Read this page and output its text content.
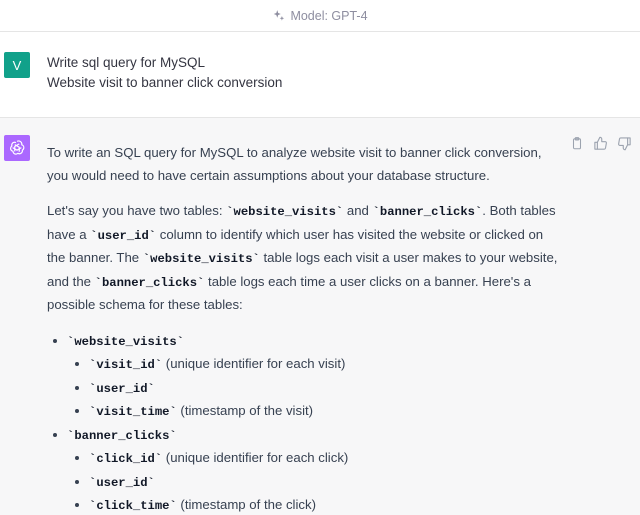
Model: GPT-4
V	Write sql query for MySQL
Website visit to banner click conversion

To write an SQL query for MySQL to analyze website visit to banner click conversion, you would need to have certain assumptions about your database structure.

Let's say you have two tables: `website_visits` and `banner_clicks`. Both tables have a `user_id` column to identify which user has visited the website or clicked on the banner. The `website_visits` table logs each visit a user makes to your website, and the `banner_clicks` table logs each time a user clicks on a banner. Here's a possible schema for these tables:

`website_visits`
`visit_id` (unique identifier for each visit)
`user_id`
`visit_time` (timestamp of the visit)
`banner_clicks`
`click_id` (unique identifier for each click)
`user_id`
`click_time` (timestamp of the click)
